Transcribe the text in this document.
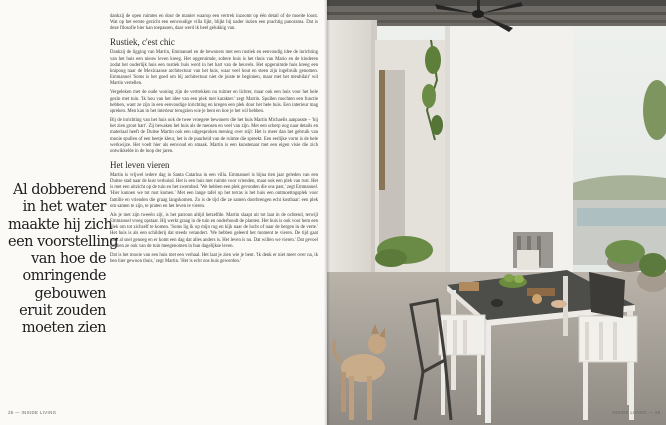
Al dobberend
in het water
maakte hij zich
een voorstelling
van hoe de
omringende
gebouwen
eruit zouden
moeten zien

dankzij de open ruimtes en door de manier waarop een vertrek inzoomt op één detail of de moeite loont. Wat op het eerste gezicht een eenvoudige villa lijkt, blijkt bij nader inzien een prachtig panorama. Dat is deze filosofie hier kan toepassen, daar werd ik heel gelukkig van.

Rustiek, c'est chic

Dankzij de ligging van Martin, Emmanuel en de bewoners met een rustiek en eenvoudig idee de inrichting van het huis een nieuw leven kreeg. Het opgeruimde, sobere huis is het thuis van Mario en de kinderen zodat het ouderlijk huis een rustiek huis werd in het hart van de heuvels. Het opgeruimde huis kreeg een knipoog naar de Mexicaanse architectuur van het huis, waar veel hout en steen zijn ingebruik genomen. Emmanuel 'Soms is het goed om bij architectuur niet de juiste te beginnen, maar met het meubilair' wil Martin vertellen.

Vergeleken met de oude woning zijn de vertrekken nu ruimer en lichter, maar ook een huis voor het hele gezin met tuin. 'Ik hou van het idee van een plek met karakter.' zegt Martin. Spullen mochten een functie hebben, want ze zijn in een eenvoudige inrichting en kregen een plek door het hele huis. Een interieur mag spreken. Men kan in het interieur terugzien wie je bent en hoe je het wil hebben.

Bij de inrichting van het huis ook de twee vroegere bewoners die het huis Martin Michaelis aanpasste – 'bij het zien groot hart'. Zij bewaken het huis als de mensen en veel van zijn. Met een scherp oog naar details en materiaal heeft de Duitse Martin ook een uitgesproken mening over stijl: Het is meer dan het gebruik van mooie spullen of een beetje kleur, het is de puurheid van de ruimte die spreekt. Een eerlijke vorm is de hele werkwijze. Het voelt hier als eenvoud en smaak. Martin is een kunstenaar met een eigen visie die zich ontwikkelde in de loop der jaren.

Het leven vieren

Martin is vrijwel iedere dag in Santa Catarina in een villa. Emmanuel is bijna tien jaar geleden van een Duitse stad naar de kust verhuisd. Het is een huis met ruimte voor vrienden, maar ook een plek van rust. Het is met een uitzicht op de tuin en het zwembad. 'We hebben een plek gevonden die ons past,' zegt Emmanuel. 'Hier kunnen we tot rust komen.' Met een lange tafel op het terras is het huis een ontmoetingsplek voor familie en vrienden die graag langskomen. Zo is de tijd die ze samen doorbrengen echt kostbaar: een plek om samen te zijn, te praten en het leven te vieren.

Als je met zijn tweeën zijt, is het patroon altijd hetzelfde. Martin slaapt uit tot laat in de ochtend, terwijl Emmanuel vroeg opstaat. Hij werkt graag in de tuin en onderhoudt de planten. Het huis is ook voor hem een plek om tot zichzelf te komen. 'Soms lig ik op mijn rug en kijk naar de lucht of naar de bergen in de verte.' Het huis is als een schilderij dat steeds verandert. 'We hebben geleerd het moment te vieren. De tijd gaat toch al snel genoeg en er komt een dag dat alles anders is. Het leven is nu. Dat willen we vieren.' Dat gevoel hebben ze ook van de tuin meegenomen in hun dagelijkse leven.

Dat is het mooie van een huis met een verhaal. Het laat je zien wie je bent. 'Ik denk er niet meer over na, ik ben hier gewoon thuis,' zegt Martin. 'Het is echt ons huis geworden.'

25 — INSIDE LIVING	INSIDE LIVING — 26
